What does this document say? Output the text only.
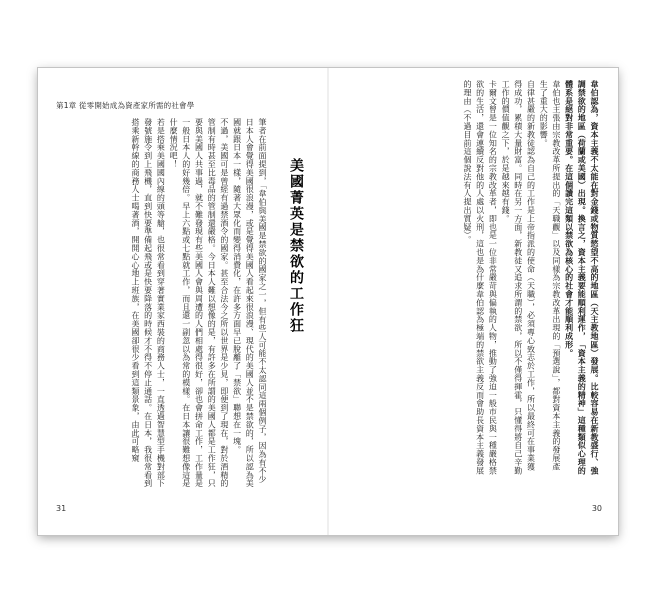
第1章 從零開始成為資產家所需的社會學
美國菁英是禁欲的工作狂
筆者在前面提到，「韋伯與美國是禁欲的國家之一，但有些人可能不太認同這兩個例子，因為有不少日本人會覺得美國很浪漫，或是覺得美國人看起來很浪漫、現代的美國人並不是禁欲的，所以認為美國就跟日本一樣，隨著大眾化而變得消費化，在許多方面早已脫離了「禁欲」聯想在一塊。
不過，美國可是曾經有過禁酒令的國家。甚至合法今之所以世界是少見，即便到了現在，對於酒精的管制有時甚至比毒品的管制還嚴格。今日本人難以想像的是，有許多在所謂的美國人都是工作狂，只要與美國人共事過，就不難發現有些美國人會與周遭的人們相處得很好，卻也會拼命工作，工作量是一般日本人的好幾倍。早上六點或七點就工作，而且還一副忽以為常的模樣。在日本讓很難想像這是什麼情況吧！
若是搭乘美國國內線的頭等艙，也很常看到穿著實業家西裝的商務人士，一直透過智慧型手機對部下發號施令到上飛機，直到快要準備起飛或是快要降落的時候才不得不停止通話。在日本，我很常看到搭乘新幹線的商務人士喝著酒，開開心心地上班族，在美國卻很少看到這類景象，由此可略窺
31
韋伯認為，資本主義不太能在對金錢或物質慾望不高的地區（天主教地區）發展。比較容易在新教盛行、強調禁欲的地區（荷蘭或美國）出現。換言之，資本主義要能順利運作，「資本主義的精神」這種類似心理的體系是絕對非常重要。在這個讀完這類以禁欲為核心的社會才能順利成形。
韋伯也主張由宗教改革所提出的「天職觀」以及同樣為宗教改革出現的「預選說」，都對資本主義的發展產生了重大的影響。
自律甚嚴的新教徒認為自己的工作是上帝指派的使命（天職），必須專心致志於工作，所以最終可在事業獲得成功，累積大量財富。同時在另一方面，新教徒又追求所謂的禁欲，所以不僅得揮霍，只懂得將自己辛勤工作的價值觀之下，於是越來越有錢。
卡爾文曾是一位知名的宗教改革者，即也是一位非常嚴苛與偏執的人物，推動了強迫一般市民與一種嚴格禁欲的生活，還會連續反對他的人處以火刑，這也是為什麼韋伯認為極端的禁欲主義反而會助長資本主義發展的理由（不過目前這個說法有人提出質疑）。
30
